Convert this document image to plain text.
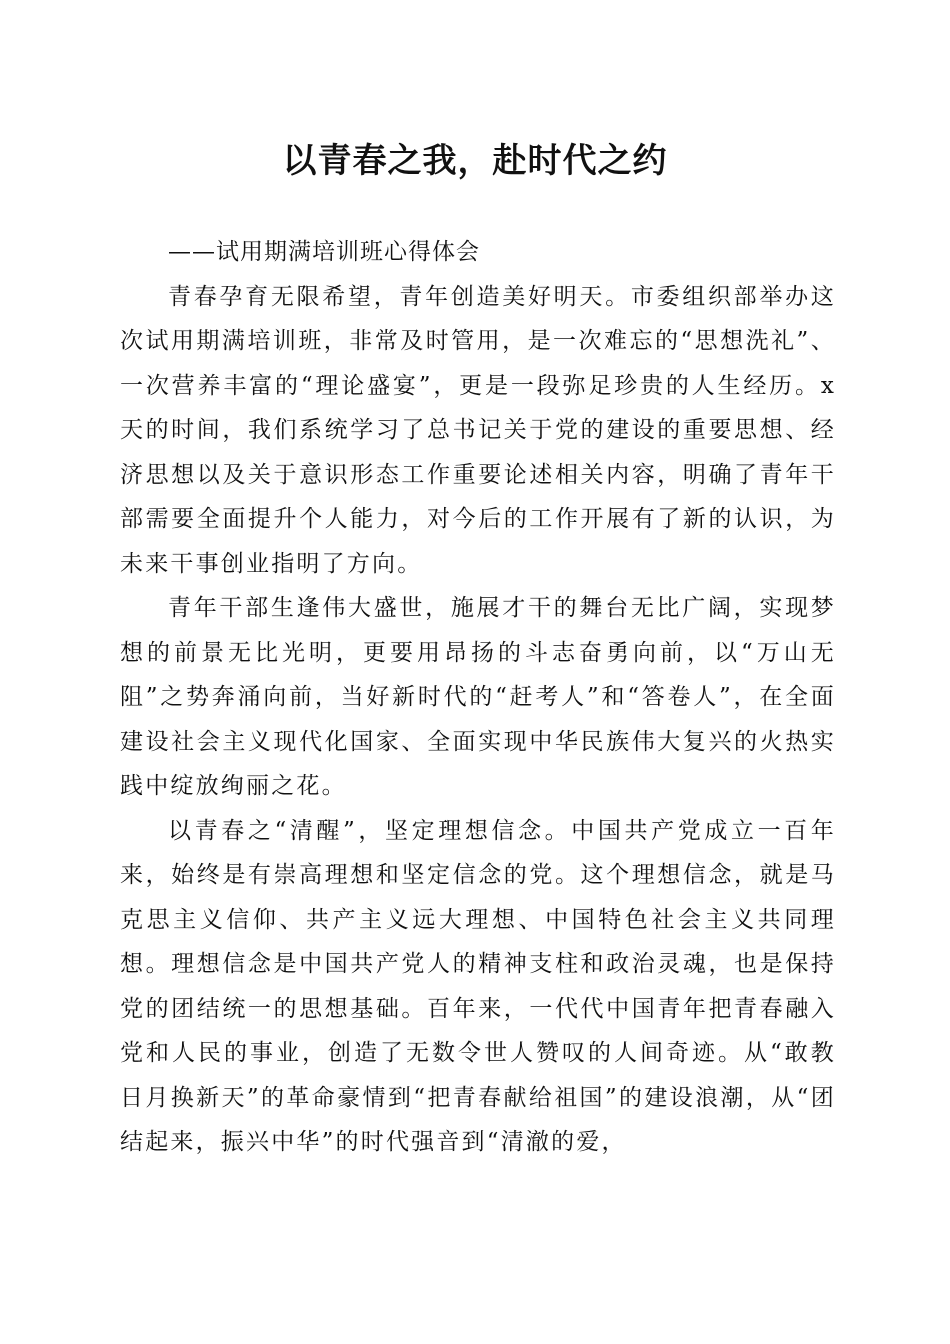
以青春之我，赴时代之约

——试用期满培训班心得体会

青春孕育无限希望，青年创造美好明天。市委组织部举办这次试用期满培训班，非常及时管用，是一次难忘的“思想洗礼”、一次营养丰富的“理论盛宴”，更是一段弥足珍贵的人生经历。x天的时间，我们系统学习了总书记关于党的建设的重要思想、经济思想以及关于意识形态工作重要论述相关内容，明确了青年干部需要全面提升个人能力，对今后的工作开展有了新的认识，为未来干事创业指明了方向。

青年干部生逢伟大盛世，施展才干的舞台无比广阔，实现梦想的前景无比光明，更要用昂扬的斗志奋勇向前，以“万山无阻”之势奔涌向前，当好新时代的“赶考人”和“答卷人”，在全面建设社会主义现代化国家、全面实现中华民族伟大复兴的火热实践中绽放绚丽之花。

以青春之“清醒”，坚定理想信念。中国共产党成立一百年来，始终是有崇高理想和坚定信念的党。这个理想信念，就是马克思主义信仰、共产主义远大理想、中国特色社会主义共同理想。理想信念是中国共产党人的精神支柱和政治灵魂，也是保持党的团结统一的思想基础。百年来，一代代中国青年把青春融入党和人民的事业，创造了无数令世人赞叹的人间奇迹。从“敢教日月换新天”的革命豪情到“把青春献给祖国”的建设浪潮，从“团结起来，振兴中华”的时代强音到“清澈的爱，
